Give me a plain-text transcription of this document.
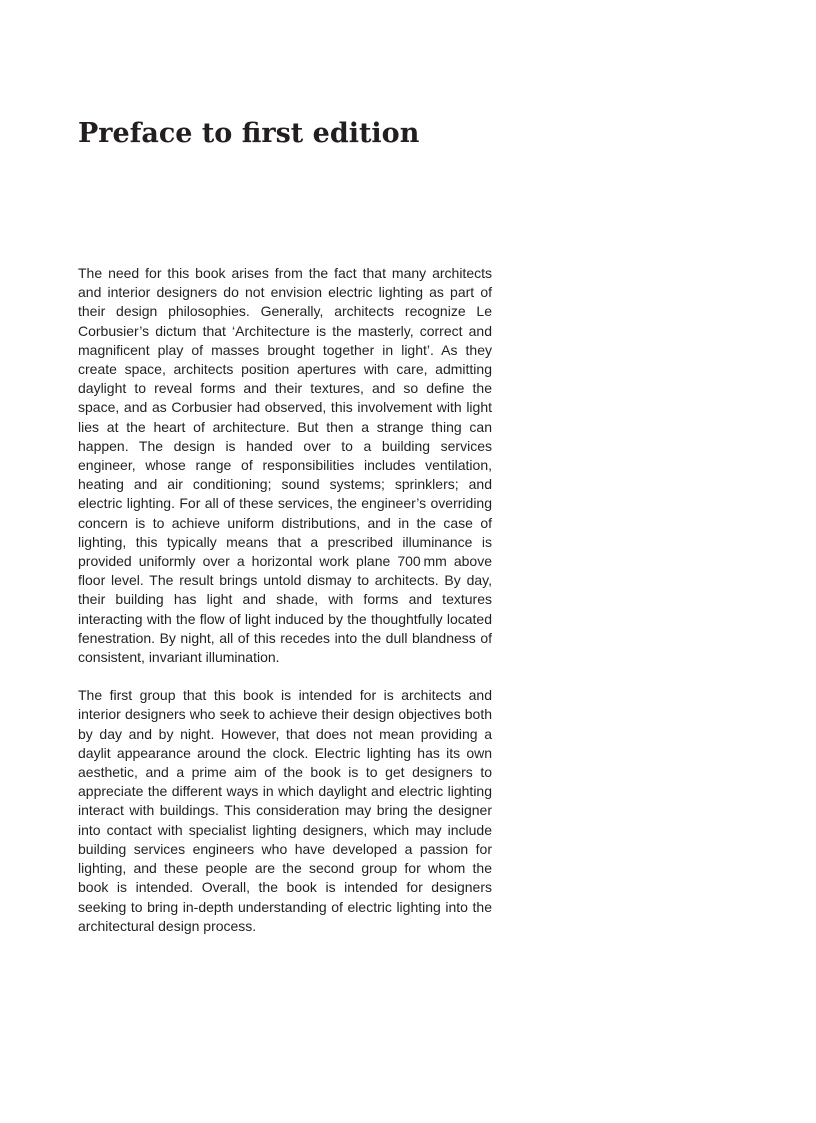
Preface to first edition

The need for this book arises from the fact that many architects and interior designers do not envision electric lighting as part of their design philosophies. Generally, architects recognize Le Corbusier’s dictum that ‘Architecture is the masterly, correct and magnificent play of masses brought together in light’. As they create space, architects position apertures with care, admitting daylight to reveal forms and their textures, and so define the space, and as Corbusier had observed, this involvement with light lies at the heart of architecture. But then a strange thing can happen. The design is handed over to a building services engineer, whose range of responsibilities includes ventilation, heating and air conditioning; sound systems; sprinklers; and electric lighting. For all of these services, the engineer’s overriding concern is to achieve uniform distributions, and in the case of lighting, this typically means that a prescribed illuminance is provided uniformly over a horizontal work plane 700 mm above floor level. The result brings untold dismay to architects. By day, their building has light and shade, with forms and textures interacting with the flow of light induced by the thoughtfully located fenestration. By night, all of this recedes into the dull blandness of consistent, invariant illumination.

The first group that this book is intended for is architects and interior designers who seek to achieve their design objectives both by day and by night. However, that does not mean providing a daylit appearance around the clock. Electric lighting has its own aesthetic, and a prime aim of the book is to get designers to appreciate the different ways in which daylight and electric lighting interact with buildings. This consideration may bring the designer into contact with specialist lighting designers, which may include building services engineers who have developed a passion for lighting, and these people are the second group for whom the book is intended. Overall, the book is intended for designers seeking to bring in-depth understanding of electric lighting into the architectural design process.
